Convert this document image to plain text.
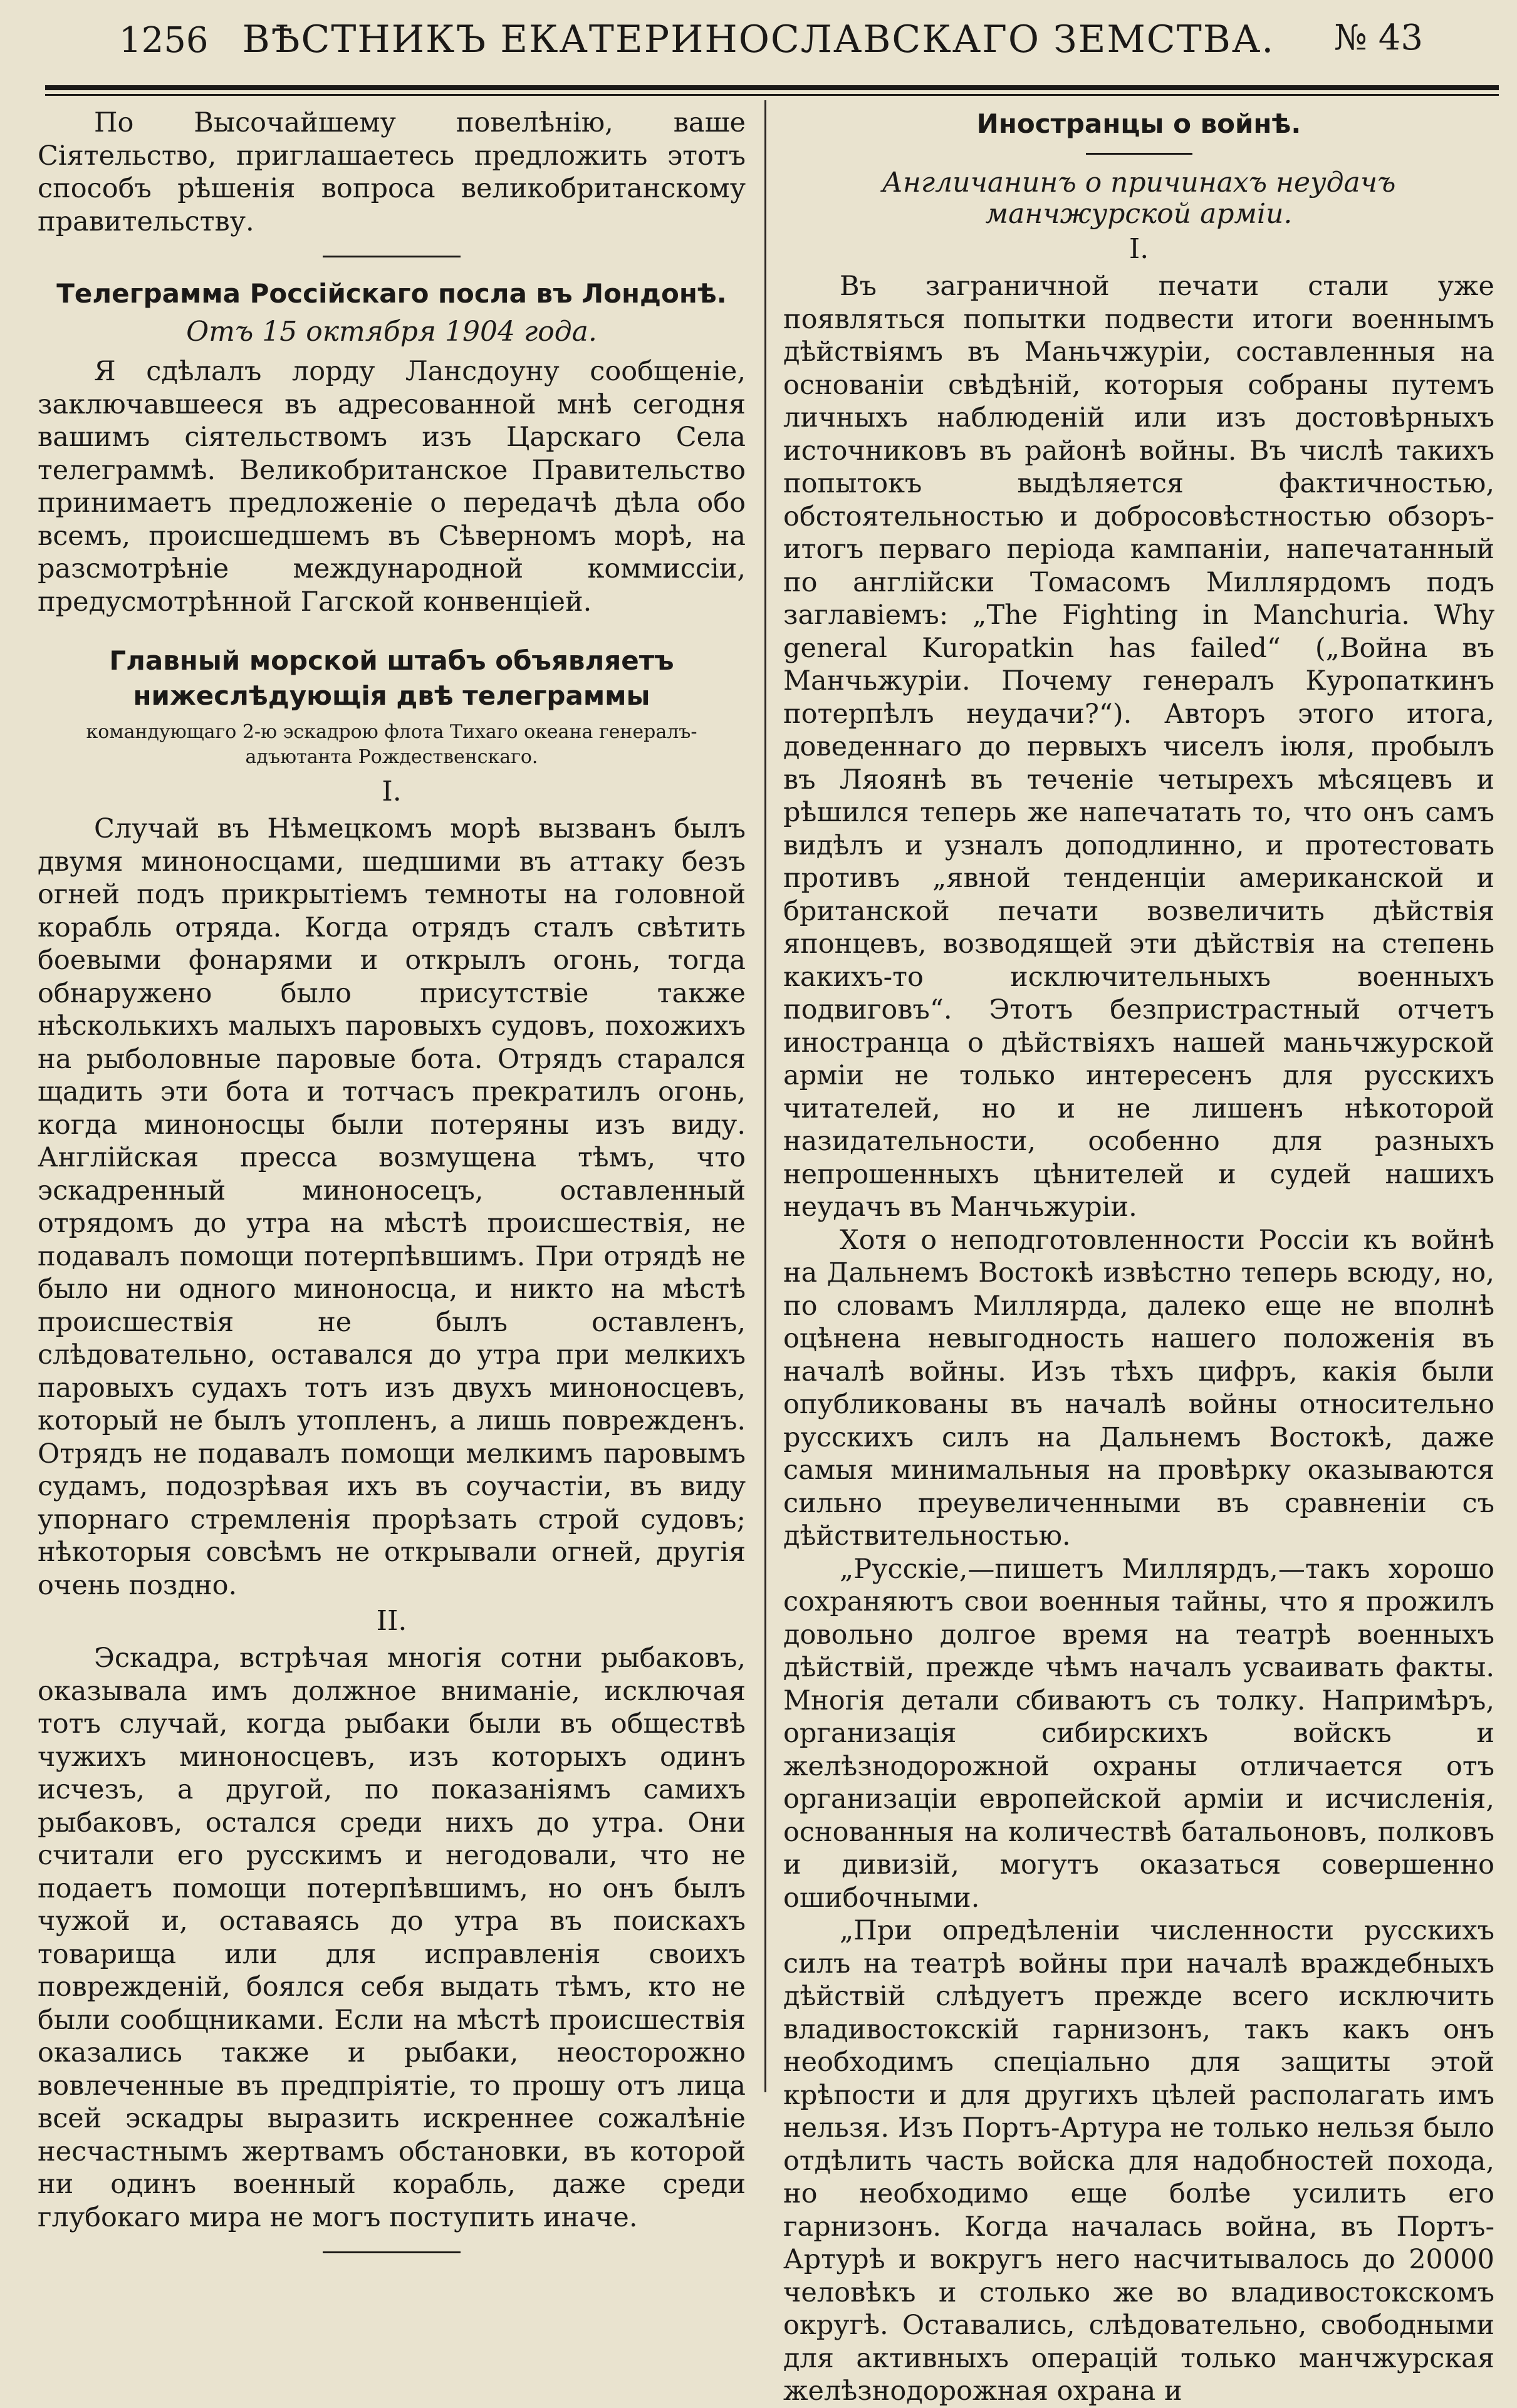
1256 ВѢСТНИКЪ ЕКАТЕРИНОСЛАВСКАГО ЗЕМСТВА.	№ 43

По Высочайшему повелѣнію, ваше Сіятельство, приглашаетесь предложить этотъ способъ рѣшенія вопроса великобританскому правительству.

Телеграмма Россійскаго посла въ Лондонѣ.
Отъ 15 октября 1904 года.

Я сдѣлалъ лорду Лансдоуну сообщеніе, заключавшееся въ адресованной мнѣ сегодня вашимъ сіятельствомъ изъ Царскаго Села телеграммѣ. Великобританское Правительство принимаетъ предложеніе о передачѣ дѣла обо всемъ, происшедшемъ въ Сѣверномъ морѣ, на разсмотрѣніе международной коммиссіи, предусмотрѣнной Гагской конвенціей.

Главный морской штабъ объявляетъ нижеслѣдующія двѣ телеграммы
командующаго 2-ю эскадрою флота Тихаго океана генералъ-адъютанта Рождественскаго.
I.

Случай въ Нѣмецкомъ морѣ вызванъ былъ двумя миноносцами, шедшими въ аттаку безъ огней подъ прикрытіемъ темноты на головной корабль отряда. Когда отрядъ сталъ свѣтить боевыми фонарями и открылъ огонь, тогда обнаружено было присутствіе также нѣсколькихъ малыхъ паровыхъ судовъ, похожихъ на рыболовные паровые бота. Отрядъ старался щадить эти бота и тотчасъ прекратилъ огонь, когда миноносцы были потеряны изъ виду. Англійская пресса возмущена тѣмъ, что эскадренный миноносецъ, оставленный отрядомъ до утра на мѣстѣ происшествія, не подавалъ помощи потерпѣвшимъ. При отрядѣ не было ни одного миноносца, и никто на мѣстѣ происшествія не былъ оставленъ, слѣдовательно, оставался до утра при мелкихъ паровыхъ судахъ тотъ изъ двухъ миноносцевъ, который не былъ утопленъ, а лишь поврежденъ. Отрядъ не подавалъ помощи мелкимъ паровымъ судамъ, подозрѣвая ихъ въ соучастіи, въ виду упорнаго стремленія прорѣзать строй судовъ; нѣкоторыя совсѣмъ не открывали огней, другія очень поздно.

II.

Эскадра, встрѣчая многія сотни рыбаковъ, оказывала имъ должное вниманіе, исключая тотъ случай, когда рыбаки были въ обществѣ чужихъ миноносцевъ, изъ которыхъ одинъ исчезъ, а другой, по показаніямъ самихъ рыбаковъ, остался среди нихъ до утра. Они считали его русскимъ и негодовали, что не подаетъ помощи потерпѣвшимъ, но онъ былъ чужой и, оставаясь до утра въ поискахъ товарища или для исправленія своихъ поврежденій, боялся себя выдать тѣмъ, кто не были сообщниками. Если на мѣстѣ происшествія оказались также и рыбаки, неосторожно вовлеченные въ предпріятіе, то прошу отъ лица всей эскадры выразить искреннее сожалѣніе несчастнымъ жертвамъ обстановки, въ которой ни одинъ военный корабль, даже среди глубокаго мира не могъ поступить иначе.

Иностранцы о войнѣ.
Англичанинъ о причинахъ неудачъ манчжурской арміи.
I.

Въ заграничной печати стали уже появляться попытки подвести итоги военнымъ дѣйствіямъ въ Маньчжуріи, составленныя на основаніи свѣдѣній, которыя собраны путемъ личныхъ наблюденій или изъ достовѣрныхъ источниковъ въ районѣ войны. Въ числѣ такихъ попытокъ выдѣляется фактичностью, обстоятельностью и добросовѣстностью обзоръ-итогъ перваго періода кампаніи, напечатанный по англійски Томасомъ Миллярдомъ подъ заглавіемъ: „The Fighting in Manchuria. Why general Kuropatkin has failed“ („Война въ Манчьжуріи. Почему генералъ Куропаткинъ потерпѣлъ неудачи?“). Авторъ этого итога, доведеннаго до первыхъ чиселъ іюля, пробылъ въ Ляоянѣ въ теченіе четырехъ мѣсяцевъ и рѣшился теперь же напечатать то, что онъ самъ видѣлъ и узналъ доподлинно, и протестовать противъ „явной тенденціи американской и британской печати возвеличить дѣйствія японцевъ, возводящей эти дѣйствія на степень какихъ-то исключительныхъ военныхъ подвиговъ“. Этотъ безпристрастный отчетъ иностранца о дѣйствіяхъ нашей маньчжурской арміи не только интересенъ для русскихъ читателей, но и не лишенъ нѣкоторой назидательности, особенно для разныхъ непрошенныхъ цѣнителей и судей нашихъ неудачъ въ Манчьжуріи.

Хотя о неподготовленности Россіи къ войнѣ на Дальнемъ Востокѣ извѣстно теперь всюду, но, по словамъ Миллярда, далеко еще не вполнѣ оцѣнена невыгодность нашего положенія въ началѣ войны. Изъ тѣхъ цифръ, какія были опубликованы въ началѣ войны относительно русскихъ силъ на Дальнемъ Востокѣ, даже самыя минимальныя на провѣрку оказываются сильно преувеличенными въ сравненіи съ дѣйствительностью.

„Русскіе,—пишетъ Миллярдъ,—такъ хорошо сохраняютъ свои военныя тайны, что я прожилъ довольно долгое время на театрѣ военныхъ дѣйствій, прежде чѣмъ началъ усваивать факты. Многія детали сбиваютъ съ толку. Напримѣръ, организація сибирскихъ войскъ и желѣзнодорожной охраны отличается отъ организаціи европейской арміи и исчисленія, основанныя на количествѣ батальоновъ, полковъ и дивизій, могутъ оказаться совершенно ошибочными.

„При опредѣленіи численности русскихъ силъ на театрѣ войны при началѣ враждебныхъ дѣйствій слѣдуетъ прежде всего исключить владивостокскій гарнизонъ, такъ какъ онъ необходимъ спеціально для защиты этой крѣпости и для другихъ цѣлей располагать имъ нельзя. Изъ Портъ-Артура не только нельзя было отдѣлить часть войска для надобностей похода, но необходимо еще болѣе усилить его гарнизонъ. Когда началась война, въ Портъ-Артурѣ и вокругъ него насчитывалось до 20000 человѣкъ и столько же во владивостокскомъ округѣ. Оставались, слѣдовательно, свободными для активныхъ операцій только манчжурская желѣзнодорожная охрана и
